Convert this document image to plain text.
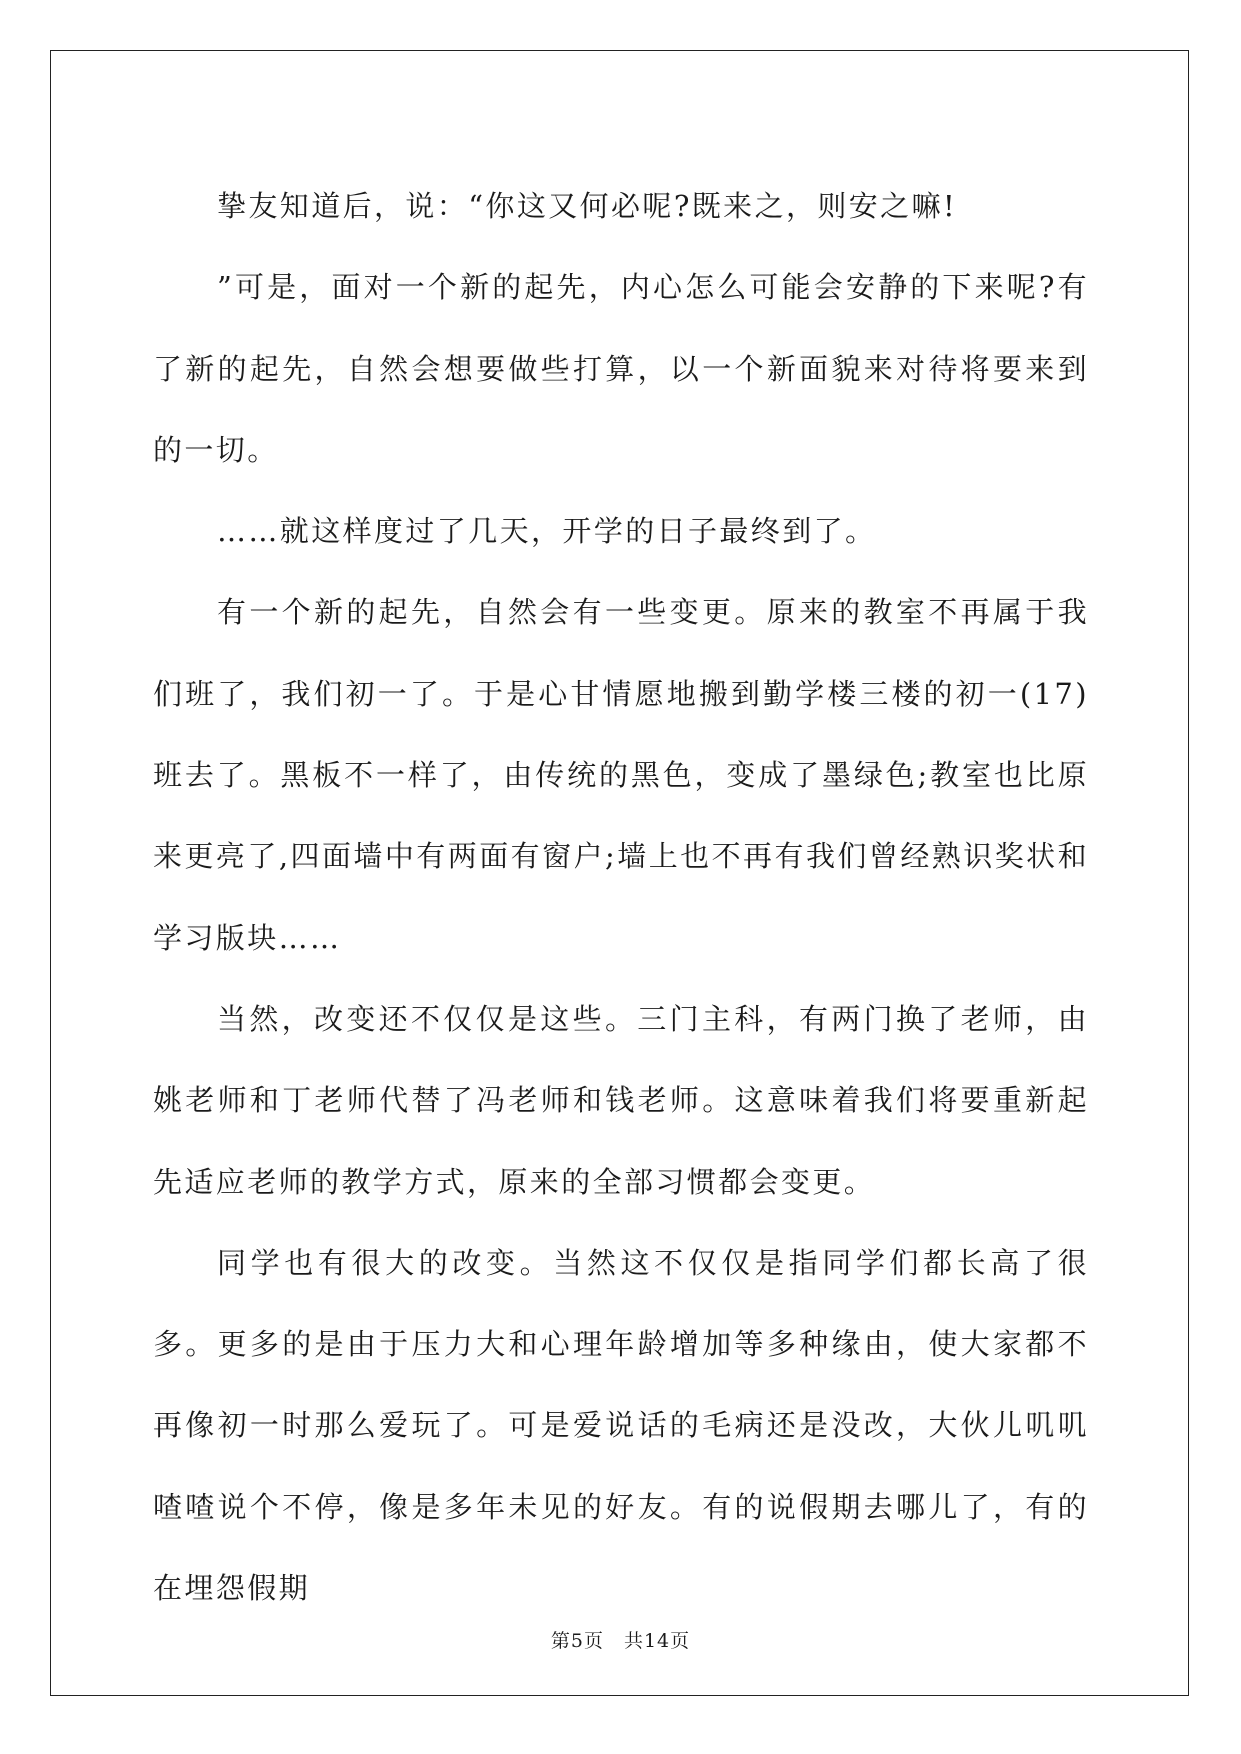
挚友知道后，说：“你这又何必呢?既来之，则安之嘛!

”可是，面对一个新的起先，内心怎么可能会安静的下来呢?有了新的起先，自然会想要做些打算，以一个新面貌来对待将要来到的一切。

……就这样度过了几天，开学的日子最终到了。

有一个新的起先，自然会有一些变更。原来的教室不再属于我们班了，我们初一了。于是心甘情愿地搬到勤学楼三楼的初一(17)班去了。黑板不一样了，由传统的黑色，变成了墨绿色;教室也比原来更亮了,四面墙中有两面有窗户;墙上也不再有我们曾经熟识奖状和学习版块……

当然，改变还不仅仅是这些。三门主科，有两门换了老师，由姚老师和丁老师代替了冯老师和钱老师。这意味着我们将要重新起先适应老师的教学方式，原来的全部习惯都会变更。

同学也有很大的改变。当然这不仅仅是指同学们都长高了很多。更多的是由于压力大和心理年龄增加等多种缘由，使大家都不再像初一时那么爱玩了。可是爱说话的毛病还是没改，大伙儿叽叽喳喳说个不停，像是多年未见的好友。有的说假期去哪儿了，有的在埋怨假期

第5页 共14页
